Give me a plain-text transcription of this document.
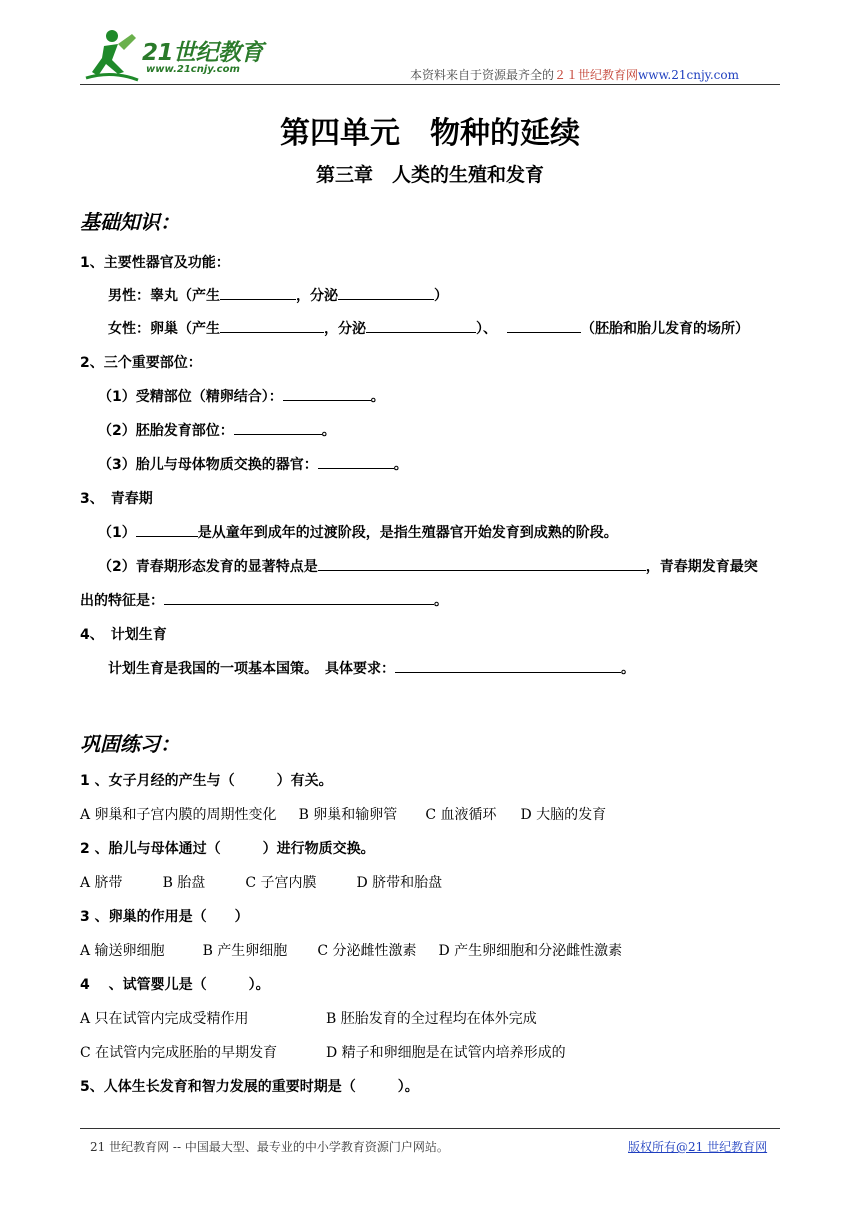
21世纪教育
www.21cnjy.com	本资料来自于资源最齐全的２１世纪教育网www.21cnjy.com
第四单元　物种的延续
第三章　人类的生殖和发育
基础知识：
1、主要性器官及功能：
男性：睾丸（产生	，分泌	）
女性：卵巢（产生	，分泌	）、	（胚胎和胎儿发育的场所）
2、三个重要部位：
（1）受精部位（精卵结合）：	。
（2）胚胎发育部位：	。
（3）胎儿与母体物质交换的器官：	。
3、　青春期
（1）	是从童年到成年的过渡阶段，是指生殖器官开始发育到成熟的阶段。
（2）青春期形态发育的显著特点是	，青春期发育最突
出的特征是：	。
4、　计划生育
计划生育是我国的一项基本国策。　具体要求：	。
巩固练习：
1 、女子月经的产生与（　　　）有关。
A 卵巢和子宫内膜的周期性变化 B 卵巢和输卵管 C 血液循环 D 大脑的发育
2 、胎儿与母体通过（　　　）进行物质交换。
A 脐带	B 胎盘	C 子宫内膜	D 脐带和胎盘
3 、卵巢的作用是（　　）
A 输送卵细胞	B 产生卵细胞 C 分泌雌性激素 D 产生卵细胞和分泌雌性激素
4 　、试管婴儿是（　　　）。
A 只在试管内完成受精作用	B 胚胎发育的全过程均在体外完成
C 在试管内完成胚胎的早期发育	D 精子和卵细胞是在试管内培养形成的
5、人体生长发育和智力发展的重要时期是（　　　）。
21 世纪教育网 -- 中国最大型、最专业的中小学教育资源门户网站。	版权所有@21 世纪教育网
